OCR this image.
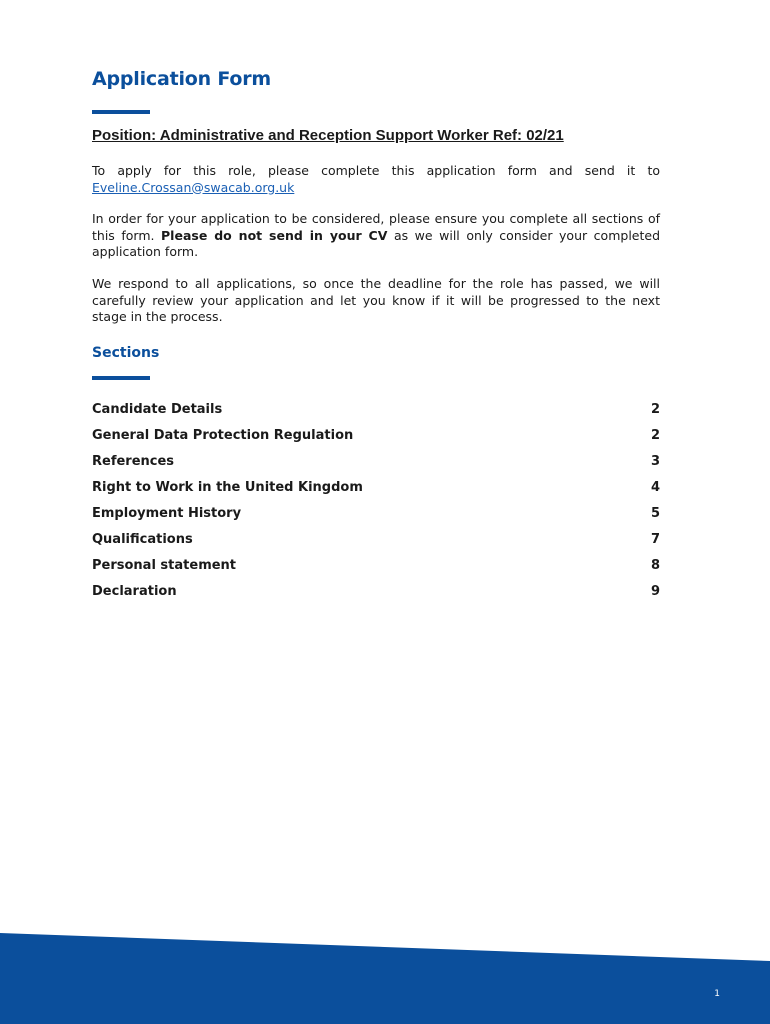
Application Form
Position: Administrative and Reception Support Worker Ref: 02/21

To apply for this role, please complete this application form and send it to
Eveline.Crossan@swacab.org.uk

In order for your application to be considered, please ensure you complete all sections of this form. Please do not send in your CV as we will only consider your completed application form.

We respond to all applications, so once the deadline for the role has passed, we will carefully review your application and let you know if it will be progressed to the next stage in the process.

Sections
Candidate Details	2
General Data Protection Regulation	2
References	3
Right to Work in the United Kingdom	4
Employment History	5
Qualifications	7
Personal statement	8
Declaration	9
1
